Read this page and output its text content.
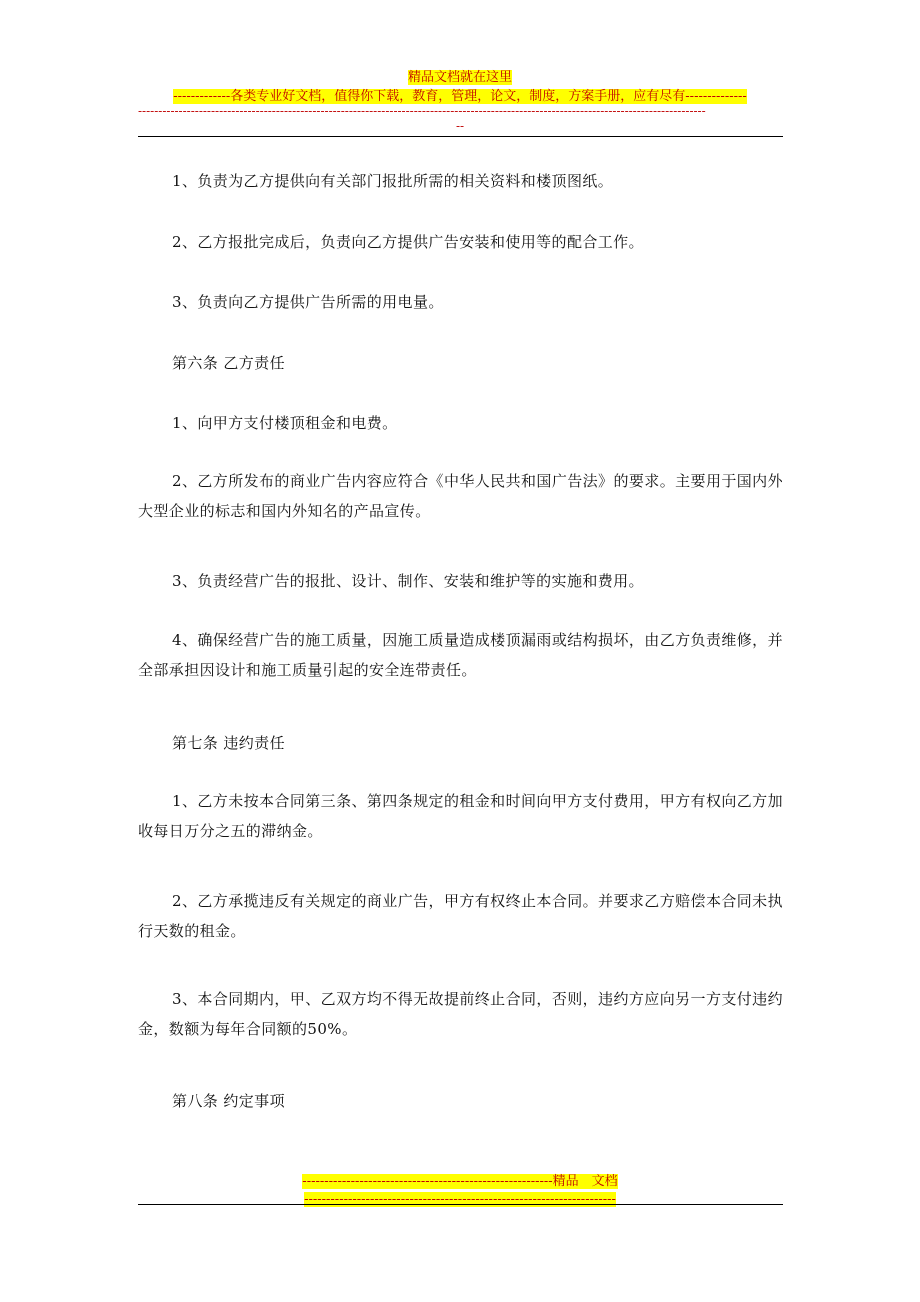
精品文档就在这里
-------------各类专业好文档，值得你下载，教育，管理，论文，制度，方案手册，应有尽有--------------
--------------------------------------------------------------------------------------------------------------------------------------------
--

1、负责为乙方提供向有关部门报批所需的相关资料和楼顶图纸。

2、乙方报批完成后，负责向乙方提供广告安装和使用等的配合工作。

3、负责向乙方提供广告所需的用电量。

第六条 乙方责任

1、向甲方支付楼顶租金和电费。

2、乙方所发布的商业广告内容应符合《中华人民共和国广告法》的要求。主要用于国内外大型企业的标志和国内外知名的产品宣传。

3、负责经营广告的报批、设计、制作、安装和维护等的实施和费用。

4、确保经营广告的施工质量，因施工质量造成楼顶漏雨或结构损坏，由乙方负责维修，并全部承担因设计和施工质量引起的安全连带责任。

第七条 违约责任

1、乙方未按本合同第三条、第四条规定的租金和时间向甲方支付费用，甲方有权向乙方加收每日万分之五的滞纳金。

2、乙方承揽违反有关规定的商业广告，甲方有权终止本合同。并要求乙方赔偿本合同未执行天数的租金。

3、本合同期内，甲、乙双方均不得无故提前终止合同，否则，违约方应向另一方支付违约金，数额为每年合同额的50%。

第八条 约定事项

---------------------------------------------------------精品　文档
-----------------------------------------------------------------------
